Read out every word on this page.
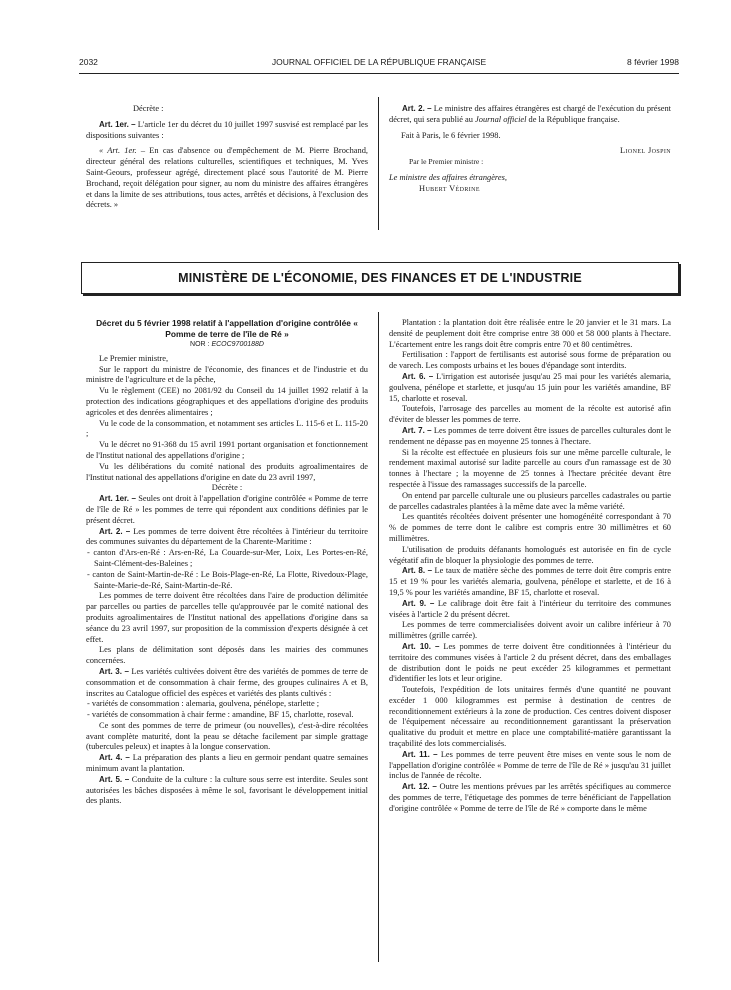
2032	JOURNAL OFFICIEL DE LA RÉPUBLIQUE FRANÇAISE	8 février 1998

Décrète :

Art. 1er. – L'article 1er du décret du 10 juillet 1997 susvisé est remplacé par les dispositions suivantes :

« Art. 1er. – En cas d'absence ou d'empêchement de M. Pierre Brochand, directeur général des relations culturelles, scientifiques et techniques, M. Yves Saint-Geours, professeur agrégé, directement placé sous l'autorité de M. Pierre Brochand, reçoit délégation pour signer, au nom du ministre des affaires étrangères et dans la limite de ses attributions, tous actes, arrêtés et décisions, à l'exclusion des décrets. »

Art. 2. – Le ministre des affaires étrangères est chargé de l'exécution du présent décret, qui sera publié au Journal officiel de la République française.

Fait à Paris, le 6 février 1998.

Lionel Jospin

Par le Premier ministre :

Le ministre des affaires étrangères,

Hubert Védrine

MINISTÈRE DE L'ÉCONOMIE, DES FINANCES ET DE L'INDUSTRIE
Décret du 5 février 1998 relatif à l'appellation d'origine contrôlée « Pomme de terre de l'île de Ré »
NOR : ECOC9700188D

Le Premier ministre,

Sur le rapport du ministre de l'économie, des finances et de l'industrie et du ministre de l'agriculture et de la pêche,

Vu le règlement (CEE) no 2081/92 du Conseil du 14 juillet 1992 relatif à la protection des indications géographiques et des appellations d'origine des produits agricoles et des denrées alimentaires ;

Vu le code de la consommation, et notamment ses articles L. 115-6 et L. 115-20 ;

Vu le décret no 91-368 du 15 avril 1991 portant organisation et fonctionnement de l'Institut national des appellations d'origine ;

Vu les délibérations du comité national des produits agroalimentaires de l'Institut national des appellations d'origine en date du 23 avril 1997,

Décrète :

Art. 1er. – Seules ont droit à l'appellation d'origine contrôlée « Pomme de terre de l'île de Ré » les pommes de terre qui répondent aux conditions définies par le présent décret.

Art. 2. – Les pommes de terre doivent être récoltées à l'intérieur du territoire des communes suivantes du département de la Charente-Maritime :

- canton d'Ars-en-Ré : Ars-en-Ré, La Couarde-sur-Mer, Loix, Les Portes-en-Ré, Saint-Clément-des-Baleines ;

- canton de Saint-Martin-de-Ré : Le Bois-Plage-en-Ré, La Flotte, Rivedoux-Plage, Sainte-Marie-de-Ré, Saint-Martin-de-Ré.

Les pommes de terre doivent être récoltées dans l'aire de production délimitée par parcelles ou parties de parcelles telle qu'approuvée par le comité national des produits agroalimentaires de l'Institut national des appellations d'origine dans sa séance du 23 avril 1997, sur proposition de la commission d'experts désignée à cet effet.

Les plans de délimitation sont déposés dans les mairies des communes concernées.

Art. 3. – Les variétés cultivées doivent être des variétés de pommes de terre de consommation et de consommation à chair ferme, des groupes culinaires A et B, inscrites au Catalogue officiel des espèces et variétés des plants cultivés :

- variétés de consommation : alemaria, goulvena, pénélope, starlette ;

- variétés de consommation à chair ferme : amandine, BF 15, charlotte, roseval.

Ce sont des pommes de terre de primeur (ou nouvelles), c'est-à-dire récoltées avant complète maturité, dont la peau se détache facilement par simple grattage (tubercules peleux) et inaptes à la longue conservation.

Art. 4. – La préparation des plants a lieu en germoir pendant quatre semaines minimum avant la plantation.

Art. 5. – Conduite de la culture : la culture sous serre est interdite. Seules sont autorisées les bâches disposées à même le sol, favorisant le développement initial des plants.

Plantation : la plantation doit être réalisée entre le 20 janvier et le 31 mars. La densité de peuplement doit être comprise entre 38 000 et 58 000 plants à l'hectare. L'écartement entre les rangs doit être compris entre 70 et 80 centimètres.

Fertilisation : l'apport de fertilisants est autorisé sous forme de préparation ou de varech. Les composts urbains et les boues d'épandage sont interdits.

Art. 6. – L'irrigation est autorisée jusqu'au 25 mai pour les variétés alemaria, goulvena, pénélope et starlette, et jusqu'au 15 juin pour les variétés amandine, BF 15, charlotte et roseval.

Toutefois, l'arrosage des parcelles au moment de la récolte est autorisé afin d'éviter de blesser les pommes de terre.

Art. 7. – Les pommes de terre doivent être issues de parcelles culturales dont le rendement ne dépasse pas en moyenne 25 tonnes à l'hectare.

Si la récolte est effectuée en plusieurs fois sur une même parcelle culturale, le rendement maximal autorisé sur ladite parcelle au cours d'un ramassage est de 30 tonnes à l'hectare ; la moyenne de 25 tonnes à l'hectare précitée devant être respectée à l'issue des ramassages successifs de la parcelle.

On entend par parcelle culturale une ou plusieurs parcelles cadastrales ou partie de parcelles cadastrales plantées à la même date avec la même variété.

Les quantités récoltées doivent présenter une homogénéité correspondant à 70 % de pommes de terre dont le calibre est compris entre 30 millimètres et 60 millimètres.

L'utilisation de produits défanants homologués est autorisée en fin de cycle végétatif afin de bloquer la physiologie des pommes de terre.

Art. 8. – Le taux de matière sèche des pommes de terre doit être compris entre 15 et 19 % pour les variétés alemaria, goulvena, pénélope et starlette, et de 16 à 19,5 % pour les variétés amandine, BF 15, charlotte et roseval.

Art. 9. – Le calibrage doit être fait à l'intérieur du territoire des communes visées à l'article 2 du présent décret.

Les pommes de terre commercialisées doivent avoir un calibre inférieur à 70 millimètres (grille carrée).

Art. 10. – Les pommes de terre doivent être conditionnées à l'intérieur du territoire des communes visées à l'article 2 du présent décret, dans des emballages de distribution dont le poids ne peut excéder 25 kilogrammes et permettant d'identifier les lots et leur origine.

Toutefois, l'expédition de lots unitaires fermés d'une quantité ne pouvant excéder 1 000 kilogrammes est permise à destination de centres de reconditionnement extérieurs à la zone de production. Ces centres doivent disposer de l'équipement nécessaire au reconditionnement garantissant la préservation qualitative du produit et mettre en place une comptabilité-matière garantissant la traçabilité des lots commercialisés.

Art. 11. – Les pommes de terre peuvent être mises en vente sous le nom de l'appellation d'origine contrôlée « Pomme de terre de l'île de Ré » jusqu'au 31 juillet inclus de l'année de récolte.

Art. 12. – Outre les mentions prévues par les arrêtés spécifiques au commerce des pommes de terre, l'étiquetage des pommes de terre bénéficiant de l'appellation d'origine contrôlée « Pomme de terre de l'île de Ré » comporte dans le même
